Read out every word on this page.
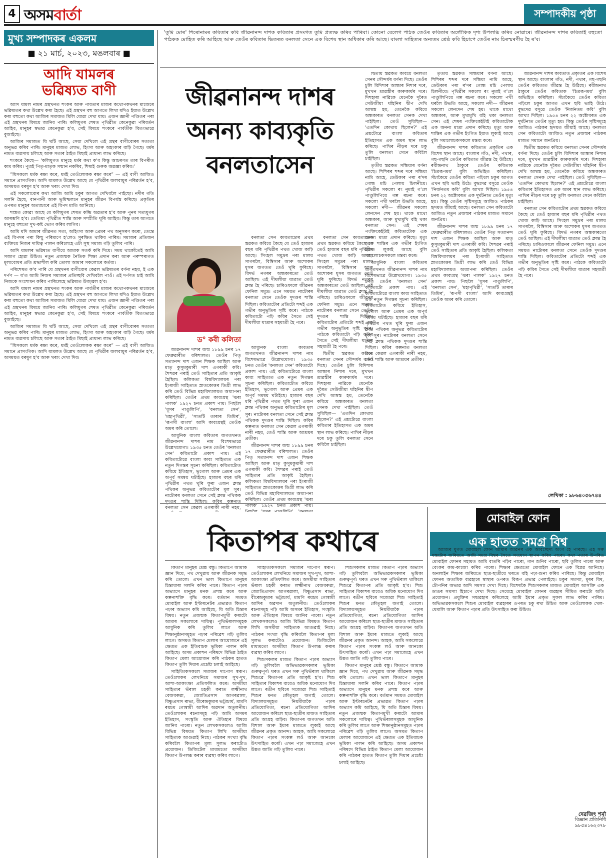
4 অসমবাৰ্তা	সম্পাদকীয় পৃষ্ঠা
মুখ্য সম্পাদকৰ একলম
■ ২১ মাৰ্চ, ২০২৩, মঙলবাৰ ■
আদি যামলৰ
ভৱিষ্যত বাণী

আদি যামল নামৰ গ্ৰন্থখনত শংকৰ আৰু পাৰ্বতীৰ মাজৰ কথোপকথনৰ মাজেৰে ভৱিষ্যতৰ কথা উল্লেখ কৰা হৈছে। এই গ্ৰন্থখন বহু আগতে লিখা যদিও ইয়াত উল্লেখ কৰা বহুতো কথা আজিৰ সমাজত মিলি যোৱা দেখা যায়। এজন জ্ঞানী পণ্ডিতৰ পৰা এই গ্ৰন্থখনৰ বিষয়ে জানিব পাৰি। কলিযুগৰ শেষত পৃথিৱীত কেনেকুৱা পৰিবৰ্তন আহিব, মানুহৰ স্বভাৱ কেনেকুৱা হ'ব, সেই বিষয়ে শংকৰে পাৰ্বতীক বিতংভাৱে বুজাইছে।

আজিৰ সমাজত যি ঘটি আছে, সেয়া দেখিলে এই গ্ৰন্থৰ বাণীবোৰৰ সত্যতা অনুভৱ কৰিব পাৰি। মানুহৰ মাজত লোভ, হিংসা আৰু অহংকাৰ বাঢ়ি গৈছে। ধৰ্মৰ নামত ব্যৱসায় চলিছে আৰু সত্যৰ ঠাইত মিছাই প্ৰাধান্য লাভ কৰিছে।

শংকৰে কৈছে— 'কলিযুগত মানুহে ধৰ্মৰ কথা ক'ব কিন্তু আচৰণত তাৰ বিপৰীত কাম কৰিব। পুত্ৰই পিতৃ-মাতৃক সন্মান নকৰিব, শিষ্যই গুৰুক অৱজ্ঞা কৰিব।'

“যিসকলে ধৰ্মক ৰক্ষা কৰে, ধৰ্মই তেওঁলোকক ৰক্ষা কৰে” — এই বাণী আজিও সমানে প্ৰাসংগিক। আদি যামলত উল্লেখ আছে যে পৃথিৱীৰ জলবায়ুৰ পৰিৱৰ্তন হ'ব, অসময়ত বৰষুণ হ'ব আৰু খৰাং দেখা দিব।

এই সকলোবোৰ কথা আজি আমি চকুৰ আগত দেখিবলৈ পাইছো। নদীৰ গতি সলনি হৈছে, বানপানী আৰু ভূমিস্খলনে মানুহৰ জীৱন বিপৰ্যস্ত কৰিছে। প্ৰকৃতিৰ ওপৰত মানুহৰ অত্যাচাৰে এই বিপদ মাতি আনিছে।

শাস্ত্ৰত কোৱা আছে যে কলিযুগৰ শেষত কল্কি অৱতাৰ হ'ব আৰু পুনৰ সত্যযুগৰ আৰম্ভণি হ'ব। তেতিয়া পৃথিৱীত শান্তি আৰু সম্প্ৰীতি ঘূৰি আহিব। কিন্তু তাৰ আগতে মানুহে বহুতো দুখ-কষ্ট ভোগ কৰিব লাগিব।

আমি যদি আমাৰ জীৱনত সত্য, অহিংসা আৰু প্ৰেমৰ পথ অনুসৰণ কৰো, তেন্তে এই বিপদৰ পৰা কিছু পৰিমাণে হ'লেও সুৰক্ষিত থাকিব পাৰিম। সমাজৰ প্ৰতিজন ব্যক্তিয়ে নিজৰ দায়িত্ব পালন কৰিলেহে এটা সুস্থ সমাজ গঢ়ি তুলিব পাৰি।

আদি যামলৰ ভৱিষ্যত বাণীয়ে আমাক সতৰ্ক কৰি দিয়ে। সময় থাকোঁতেই আমি সজাগ হোৱা উচিত। নতুন প্ৰজন্মক নৈতিক শিক্ষা প্ৰদান কৰা আৰু পৰম্পৰাগত মূল্যবোধৰ প্ৰতি শ্ৰদ্ধাশীল কৰি তোলা আমাৰ সকলোৰে কৰ্তব্য।

পৰিশেষত ক'ব পাৰি যে গ্ৰন্থখনৰ বাণীবোৰ কেৱল ভৱিষ্যতৰ বৰ্ণনা নহয়, ই এক দৰ্পণ — য'ত আমি নিজৰ সমাজৰ প্ৰতিচ্ছবি দেখিবলৈ পাওঁ। এই দৰ্পণত চাই আমি নিজকে সংশোধন কৰিব পাৰিলেহে ভৱিষ্যত উজ্জ্বল হ'ব।

আদি যামল নামৰ গ্ৰন্থখনত শংকৰ আৰু পাৰ্বতীৰ মাজৰ কথোপকথনৰ মাজেৰে ভৱিষ্যতৰ কথা উল্লেখ কৰা হৈছে। এই গ্ৰন্থখন বহু আগতে লিখা যদিও ইয়াত উল্লেখ কৰা বহুতো কথা আজিৰ সমাজত মিলি যোৱা দেখা যায়। এজন জ্ঞানী পণ্ডিতৰ পৰা এই গ্ৰন্থখনৰ বিষয়ে জানিব পাৰি। কলিযুগৰ শেষত পৃথিৱীত কেনেকুৱা পৰিবৰ্তন আহিব, মানুহৰ স্বভাৱ কেনেকুৱা হ'ব, সেই বিষয়ে শংকৰে পাৰ্বতীক বিতংভাৱে বুজাইছে।

আজিৰ সমাজত যি ঘটি আছে, সেয়া দেখিলে এই গ্ৰন্থৰ বাণীবোৰৰ সত্যতা অনুভৱ কৰিব পাৰি। মানুহৰ মাজত লোভ, হিংসা আৰু অহংকাৰ বাঢ়ি গৈছে। ধৰ্মৰ নামত ব্যৱসায় চলিছে আৰু সত্যৰ ঠাইত মিছাই প্ৰাধান্য লাভ কৰিছে।

“যিসকলে ধৰ্মক ৰক্ষা কৰে, ধৰ্মই তেওঁলোকক ৰক্ষা কৰে” — এই বাণী আজিও সমানে প্ৰাসংগিক। আদি যামলত উল্লেখ আছে যে পৃথিৱীৰ জলবায়ুৰ পৰিৱৰ্তন হ'ব, অসময়ত বৰষুণ হ'ব আৰু খৰাং দেখা দিব।

'তুমি মোৰ' শিৰোনামৰ কবিতাৰ কবি জীৱনানন্দ দাশক কবিতাৰ প্ৰসংগত তুমি প্ৰত্যক্ষ কৰিব পাৰিবা। কোনো বেলেগ পাঠক তেওঁৰ কবিতাৰ অলৌকিক দৃশ্য উপলব্ধি কৰিব নোৱাৰে। জীৱনানন্দ দাশৰ কবিতাই বহুতো পাঠকক মোহিত কৰি আহিছে আৰু তেওঁৰ কবিতাৰ ভিতৰত বনলতা সেনে এক বিশেষ স্থান অধিকাৰ কৰি আছে। বাংলা সাহিত্যৰ অন্যতম শ্ৰেষ্ঠ কবি হিচাপে তেওঁৰ নাম চিৰস্মৰণীয় হৈ ৰ'ব।
জীৱনানন্দ দাশৰ
অনন্য কাব্যকৃতি
বনলতাসেন
ড° কবী কলিতা

আধুনিক বাংলা কবিতাৰ জগতখনত জীৱনানন্দ দাশৰ নাম বিশেষভাৱে উল্লেখযোগ্য। ১৯৩৫ চনত তেওঁৰ 'বনলতা সেন' কবিতাটো প্ৰকাশ পায়। এই কবিতাটোৱে বাংলা কাব্য সাহিত্যত এক নতুন দিগন্তৰ সূচনা কৰিছিল। কবিতাটোত কবিয়ে ইতিহাস, ভূগোল আৰু প্ৰেমৰ এক অপূৰ্ব সমন্বয় ঘটাইছে। হাজাৰ বছৰ ধৰি পৃথিৱীৰ পথত ঘূৰি ফুৰা এজন ক্লান্ত পথিকৰ অনুভৱ কবিতাটোৰ মূল সুৰ। নাটোৰৰ বনলতা সেনে সেই ক্লান্ত পথিকক দুদণ্ডৰ শান্তি দিছিল। কবিৰ কল্পনাত বনলতা সেন কেৱল এগৰাকী নাৰী নহয়, তেওঁ শান্তি আৰু আশ্ৰয়ৰ প্ৰতীক।

জীৱনানন্দ দাশৰ জন্ম ১৮৯৯ চনৰ ১৭ ফেব্ৰুৱাৰীত বৰিশালত। তেওঁৰ পিতৃ সত্যানন্দ দাশ এজন শিক্ষক আছিল আৰু মাতৃ কুসুমকুমাৰী দাশ এগৰাকী কবি। শৈশৱৰ পৰাই তেওঁ সাহিত্যৰ প্ৰতি আকৃষ্ট হৈছিল। কলিকতা বিশ্ববিদ্যালয়ৰ পৰা ইংৰাজী সাহিত্যত স্নাতকোত্তৰ ডিগ্ৰী লাভ কৰি তেওঁ বিভিন্ন মহাবিদ্যালয়ত অধ্যাপনা কৰিছিল। তেওঁৰ প্ৰথম কাব্যগ্ৰন্থ 'ঝৰা পালক' ১৯২৭ চনত প্ৰকাশ পায়।

জীৱনানন্দ দাশৰ জন্ম ১৮৯৯ চনৰ ১৭ ফেব্ৰুৱাৰীত বৰিশালত। তেওঁৰ পিতৃ সত্যানন্দ দাশ এজন শিক্ষক আছিল আৰু মাতৃ কুসুমকুমাৰী দাশ এগৰাকী কবি। শৈশৱৰ পৰাই তেওঁ সাহিত্যৰ প্ৰতি আকৃষ্ট হৈছিল। কলিকতা বিশ্ববিদ্যালয়ৰ পৰা ইংৰাজী সাহিত্যত স্নাতকোত্তৰ ডিগ্ৰী লাভ কৰি তেওঁ বিভিন্ন মহাবিদ্যালয়ত অধ্যাপনা কৰিছিল। তেওঁৰ প্ৰথম কাব্যগ্ৰন্থ 'ঝৰা পালক' ১৯২৭ চনত প্ৰকাশ পায়। পিছলৈ 'ধূসৰ পাণ্ডুলিপি', 'বনলতা সেন', 'মহাপৃথিৱী', 'সাতটি তাৰাৰ তিমিৰ', 'ৰূপসী বাংলা' আদি কাব্যগ্ৰন্থই তেওঁক অমৰ কৰি তোলে।

আধুনিক বাংলা কবিতাৰ জগতখনত জীৱনানন্দ দাশৰ নাম বিশেষভাৱে উল্লেখযোগ্য। ১৯৩৫ চনত তেওঁৰ 'বনলতা সেন' কবিতাটো প্ৰকাশ পায়। এই কবিতাটোৱে বাংলা কাব্য সাহিত্যত এক নতুন দিগন্তৰ সূচনা কৰিছিল। কবিতাটোত কবিয়ে ইতিহাস, ভূগোল আৰু প্ৰেমৰ এক অপূৰ্ব সমন্বয় ঘটাইছে। হাজাৰ বছৰ ধৰি পৃথিৱীৰ পথত ঘূৰি ফুৰা এজন ক্লান্ত পথিকৰ অনুভৱ কবিতাটোৰ মূল সুৰ। নাটোৰৰ বনলতা সেনে সেই ক্লান্ত পথিকক বনলতা সেন কেৱল এগৰাকী নাৰী নহয়,

বনলতা সেন কবিতাটোৰ প্ৰথম স্তৱকত কবিয়ে কৈছে যে তেওঁ হাজাৰ বছৰ ধৰি পৃথিৱীৰ পথত খোজ কাঢ়ি আছে। সিংহল সমুদ্ৰৰ পৰা মালয় সাগৰলৈ, বিম্বিসাৰ আৰু অশোকৰ ধূসৰ জগতত তেওঁ ঘূৰি ফুৰিছে। বিদৰ্ভ নগৰৰ অন্ধকাৰতো তেওঁ আছিল। এই দীঘলীয়া যাত্ৰাত তেওঁ ক্লান্ত হৈ পৰিছে। চাৰিওফালে জীৱনৰ ফেনিল সমুদ্ৰ। এনে সময়ত নাটোৰৰ বনলতা সেনে তেওঁক দুদণ্ডৰ শান্তি দিছিল। কবিতাটোৰ প্ৰতিটো শব্দই এক গভীৰ অনুভূতিৰ সৃষ্টি কৰে। পাঠকে কবিতাটো পঢ়ি কবিৰ সৈতে সেই দীঘলীয়া যাত্ৰাৰ সহযাত্ৰী হৈ পৰে।

বনলতা সেন কবিতাটোৰ প্ৰথম স্তৱকত কবিয়ে কৈছে যে তেওঁ হাজাৰ বছৰ ধৰি পৃথিৱীৰ পথত খোজ কাঢ়ি আছে। সিংহল সমুদ্ৰৰ পৰা মালয় সাগৰলৈ, বিম্বিসাৰ আৰু অশোকৰ ধূসৰ জগতত তেওঁ ঘূৰি ফুৰিছে। বিদৰ্ভ নগৰৰ অন্ধকাৰতো তেওঁ আছিল। এই দীঘলীয়া যাত্ৰাত তেওঁ ক্লান্ত হৈ পৰিছে। চাৰিওফালে জীৱনৰ ফেনিল সমুদ্ৰ। এনে সময়ত নাটোৰৰ বনলতা সেনে তেওঁক দুদণ্ডৰ শান্তি দিছিল। কবিতাটোৰ প্ৰতিটো শব্দই এক গভীৰ অনুভূতিৰ সৃষ্টি কৰে। পাঠকে কবিতাটো পঢ়ি কবিৰ সৈতে সেই দীঘলীয়া যাত্ৰাৰ সহযাত্ৰী হৈ পৰে।

দ্বিতীয় স্তৱকত কবিয়ে বনলতা সেনৰ সৌন্দৰ্যৰ বৰ্ণনা দিছে। তেওঁৰ চুলি বিদিশাৰ আন্ধাৰ নিশাৰ দৰে, মুখখন শ্ৰাৱস্তীৰ কাৰুকাৰ্যৰ দৰে। দিশহাৰা নাৱিকে যেনেকৈ দূৰৈত সেউজীয়া ঘাঁহনিৰ দ্বীপ দেখি আশ্বস্ত হয়, তেনেকৈ কবিয়ে অন্ধকাৰত বনলতা সেনক দেখা পাইছিল। তেওঁ সুধিছিল— 'এতদিন কোথায় ছিলেন?' এই প্ৰশ্নটোৱে বাংলা কবিতাৰ ইতিহাসত এক অমৰ স্থান লাভ কৰিছে। পাখিৰ নীড়ৰ দৰে চকু তুলি বনলতা সেনে কবিলৈ চাইছিল।

দ্বিতীয় স্তৱকত কবিয়ে বনলতা সেনৰ সৌন্দৰ্যৰ বৰ্ণনা দিছে। তেওঁৰ চুলি বিদিশাৰ আন্ধাৰ নিশাৰ দৰে, মুখখন শ্ৰাৱস্তীৰ কাৰুকাৰ্যৰ দৰে। দিশহাৰা নাৱিকে যেনেকৈ দূৰৈত সেউজীয়া ঘাঁহনিৰ দ্বীপ দেখি আশ্বস্ত হয়, তেনেকৈ কবিয়ে অন্ধকাৰত বনলতা সেনক দেখা পাইছিল। তেওঁ সুধিছিল— 'এতদিন কোথায় ছিলেন?' এই প্ৰশ্নটোৱে বাংলা কবিতাৰ ইতিহাসত এক অমৰ স্থান লাভ কৰিছে। পাখিৰ নীড়ৰ দৰে চকু তুলি বনলতা সেনে কবিলৈ চাইছিল।

তৃতীয় স্তৱকত সন্ধিয়াৰ বৰ্ণনা আছে। শিশিৰৰ শব্দৰ দৰে সন্ধিয়া নামি আহে, ডেউকাৰ পৰা ৰ'দৰ গোন্ধ মচি পেলায় চিলনীয়ে। পৃথিৱীৰ সকলো ৰং নুমাই গ'লে পাণ্ডুলিপিয়ে গল্প ৰচনা কৰে। সকলো পখী ঘৰলৈ উভতি আহে, সকলো নদী— জীৱনৰ সকলো লেনদেন শেষ হয়। থাকে মাথো অন্ধকাৰ, আৰু মুখামুখি বহি থকা বনলতা সেন। এই শেষৰ পংক্তিকেইটাই কবিতাটোক এক অনন্য মাত্ৰা প্ৰদান কৰিছে। মৃত্যু আৰু শান্তিৰ এক গভীৰ ইংগিত ইয়াত লুকাই আছে বুলি সমালোচকসকলে মন্তব্য কৰে।

আধুনিক বাংলা কবিতাৰ জগতখনত জীৱনানন্দ দাশৰ নাম বিশেষভাৱে উল্লেখযোগ্য। ১৯৩৫ চনত তেওঁৰ 'বনলতা সেন' কবিতাটো প্ৰকাশ পায়। এই কবিতাটোৱে বাংলা কাব্য সাহিত্যত এক নতুন দিগন্তৰ সূচনা কৰিছিল। কবিতাটোত কবিয়ে ইতিহাস, ভূগোল আৰু প্ৰেমৰ এক অপূৰ্ব সমন্বয় ঘটাইছে। হাজাৰ বছৰ ধৰি পৃথিৱীৰ পথত ঘূৰি ফুৰা এজন ক্লান্ত পথিকৰ অনুভৱ কবিতাটোৰ মূল সুৰ। নাটোৰৰ বনলতা সেনে সেই ক্লান্ত পথিকক দুদণ্ডৰ শান্তি দিছিল। কবিৰ কল্পনাত বনলতা সেন কেৱল এগৰাকী নাৰী নহয়, তেওঁ শান্তি আৰু আশ্ৰয়ৰ প্ৰতীক।

তৃতীয় স্তৱকত সন্ধিয়াৰ বৰ্ণনা আছে। শিশিৰৰ শব্দৰ দৰে সন্ধিয়া নামি আহে, ডেউকাৰ পৰা ৰ'দৰ গোন্ধ মচি পেলায় চিলনীয়ে। পৃথিৱীৰ সকলো ৰং নুমাই গ'লে পাণ্ডুলিপিয়ে গল্প ৰচনা কৰে। সকলো পখী ঘৰলৈ উভতি আহে, সকলো নদী— জীৱনৰ সকলো লেনদেন শেষ হয়। থাকে মাথো অন্ধকাৰ, আৰু মুখামুখি বহি থকা বনলতা সেন। এই শেষৰ পংক্তিকেইটাই কবিতাটোক এক অনন্য মাত্ৰা প্ৰদান কৰিছে। মৃত্যু আৰু শান্তিৰ এক গভীৰ ইংগিত ইয়াত লুকাই আছে বুলি সমালোচকসকলে মন্তব্য কৰে।

জীৱনানন্দ দাশৰ কবিতাত প্ৰকৃতিৰ এক বিশেষ স্থান আছে। বাংলাৰ গাঁও, নদী, পথাৰ, গছ-গছনি তেওঁৰ কবিতাত জীৱন্ত হৈ উঠিছে। ৰবীন্দ্ৰনাথ ঠাকুৰে তেওঁৰ কবিতাক 'চিত্ৰৰূপময়' বুলি অভিহিত কৰিছিল। সঁচাকৈয়ে তেওঁৰ কবিতা পঢ়িলে চকুৰ আগত এখন ছবি ভাহি উঠে। বুদ্ধদেৱ বসুৱে তেওঁক 'নিৰ্জনতম কবি' বুলি আখ্যা দিছিল। ১৯৫৪ চনৰ ২২ অক্টোবৰত এক দুৰ্ঘটনাত তেওঁৰ মৃত্যু হয়। কিন্তু তেওঁৰ সৃষ্টিসমূহে আজিও পাঠকৰ হৃদয়ত জীয়াই আছে। বনলতা সেন কবিতাটো আজিও নতুন প্ৰজন্মৰ পাঠকৰ মাজত সমানে জনপ্ৰিয়।

জীৱনানন্দ দাশৰ জন্ম ১৮৯৯ চনৰ ১৭ ফেব্ৰুৱাৰীত বৰিশালত। তেওঁৰ পিতৃ সত্যানন্দ দাশ এজন শিক্ষক আছিল আৰু মাতৃ কুসুমকুমাৰী দাশ এগৰাকী কবি। শৈশৱৰ পৰাই তেওঁ সাহিত্যৰ প্ৰতি আকৃষ্ট হৈছিল। কলিকতা বিশ্ববিদ্যালয়ৰ পৰা ইংৰাজী সাহিত্যত স্নাতকোত্তৰ ডিগ্ৰী লাভ কৰি তেওঁ বিভিন্ন মহাবিদ্যালয়ত অধ্যাপনা কৰিছিল। তেওঁৰ প্ৰথম কাব্যগ্ৰন্থ 'ঝৰা পালক' ১৯২৭ চনত প্ৰকাশ পায়। পিছলৈ 'ধূসৰ পাণ্ডুলিপি', 'বনলতা সেন', 'মহাপৃথিৱী', 'সাতটি তাৰাৰ তিমিৰ', 'ৰূপসী বাংলা' আদি কাব্যগ্ৰন্থই তেওঁক অমৰ কৰি তোলে।

জীৱনানন্দ দাশৰ কবিতাত প্ৰকৃতিৰ এক বিশেষ স্থান আছে। বাংলাৰ গাঁও, নদী, পথাৰ, গছ-গছনি তেওঁৰ কবিতাত জীৱন্ত হৈ উঠিছে। ৰবীন্দ্ৰনাথ ঠাকুৰে তেওঁৰ কবিতাক 'চিত্ৰৰূপময়' বুলি অভিহিত কৰিছিল। সঁচাকৈয়ে তেওঁৰ কবিতা পঢ়িলে চকুৰ আগত এখন ছবি ভাহি উঠে। বুদ্ধদেৱ বসুৱে তেওঁক 'নিৰ্জনতম কবি' বুলি আখ্যা দিছিল। ১৯৫৪ চনৰ ২২ অক্টোবৰত এক দুৰ্ঘটনাত তেওঁৰ মৃত্যু হয়। কিন্তু তেওঁৰ সৃষ্টিসমূহে আজিও পাঠকৰ হৃদয়ত জীয়াই আছে। বনলতা সেন কবিতাটো আজিও নতুন প্ৰজন্মৰ পাঠকৰ মাজত সমানে জনপ্ৰিয়।

দ্বিতীয় স্তৱকত কবিয়ে বনলতা সেনৰ সৌন্দৰ্যৰ বৰ্ণনা দিছে। তেওঁৰ চুলি বিদিশাৰ আন্ধাৰ নিশাৰ দৰে, মুখখন শ্ৰাৱস্তীৰ কাৰুকাৰ্যৰ দৰে। দিশহাৰা নাৱিকে যেনেকৈ দূৰৈত সেউজীয়া ঘাঁহনিৰ দ্বীপ দেখি আশ্বস্ত হয়, তেনেকৈ কবিয়ে অন্ধকাৰত বনলতা সেনক দেখা পাইছিল। তেওঁ সুধিছিল— 'এতদিন কোথায় ছিলেন?' এই প্ৰশ্নটোৱে বাংলা কবিতাৰ ইতিহাসত এক অমৰ স্থান লাভ কৰিছে। পাখিৰ নীড়ৰ দৰে চকু তুলি বনলতা সেনে কবিলৈ চাইছিল।

বনলতা সেন কবিতাটোৰ প্ৰথম স্তৱকত কবিয়ে কৈছে যে তেওঁ হাজাৰ বছৰ ধৰি পৃথিৱীৰ পথত খোজ কাঢ়ি আছে। সিংহল সমুদ্ৰৰ পৰা মালয় সাগৰলৈ, বিম্বিসাৰ আৰু অশোকৰ ধূসৰ জগতত তেওঁ ঘূৰি ফুৰিছে। বিদৰ্ভ নগৰৰ অন্ধকাৰতো তেওঁ আছিল। এই দীঘলীয়া যাত্ৰাত তেওঁ ক্লান্ত হৈ পৰিছে। চাৰিওফালে জীৱনৰ ফেনিল সমুদ্ৰ। এনে সময়ত নাটোৰৰ বনলতা সেনে তেওঁক দুদণ্ডৰ শান্তি দিছিল। কবিতাটোৰ প্ৰতিটো শব্দই এক গভীৰ অনুভূতিৰ সৃষ্টি কৰে। পাঠকে কবিতাটো পঢ়ি কবিৰ সৈতে সেই দীঘলীয়া যাত্ৰাৰ সহযাত্ৰী হৈ পৰে।

লেখিকা : ৯৮৬৪০৫৬৭৪৪
কিতাপৰ কথাৰে

কিতাপ মানুহৰ শ্ৰেষ্ঠ বন্ধু। কিতাপে আমাক জ্ঞান দিয়ে, পথ দেখুৱায় আৰু জীৱনক সমৃদ্ধ কৰি তোলে। এখন ভাল কিতাপে মানুহৰ চিন্তাধাৰা সলনি কৰিব পাৰে। কিতাপ পঢ়াৰ অভ্যাসে মানুহৰ মনক প্ৰশস্ত কৰে আৰু কল্পনাশক্তি বৃদ্ধি কৰে। বৰ্তমান সময়ত মোবাইল আৰু ইণ্টাৰনেটৰ প্ৰভাৱত কিতাপ পঢ়াৰ অভ্যাস কমি আহিছে, যি অতি চিন্তাৰ বিষয়। নতুন প্ৰজন্মক কিতাপমুখী কৰাটো আমাৰ সকলোৰে দায়িত্ব। পুথিভঁৰালসমূহক আধুনিক কৰি তুলিব লাগে আৰু শিক্ষানুষ্ঠানসমূহত পঢ়াৰ পৰিৱেশ গঢ়ি তুলিব লাগে। অসমত কিতাপ মেলাৰ আয়োজনে এই ক্ষেত্ৰত এক ইতিবাচক ভূমিকা পালন কৰি আহিছে। অসম প্ৰকাশন পৰিষদে বিভিন্ন ঠাইত কিতাপ মেলা আয়োজন কৰি পাঠকৰ হাতত কিতাপ তুলি দিয়াৰ প্ৰচেষ্টা চলাই আহিছে।

সাহিত্যিকসকলে সমাজৰ দাপোণ স্বৰূপ। তেওঁলোকৰ লেখনিয়ে সমাজৰ সুখ-দুখ, আশা-আকাংক্ষা প্ৰতিফলিত কৰে। অসমীয়া সাহিত্যৰ ভঁৰাল চহকী কৰাত লক্ষ্মীনাথ বেজবৰুৱা, জ্যোতিপ্ৰসাদ আগৰৱালা, বিষ্ণুপ্ৰসাদ ৰাভা, বীৰেন্দ্ৰকুমাৰ ভট্টাচাৰ্য, মামণি ৰয়চম গোস্বামী আদিৰ অৱদান অতুলনীয়। তেওঁলোকৰ ৰচনাসমূহ পঢ়ি আমি অসমৰ ইতিহাস, সংস্কৃতি আৰু ঐতিহ্যৰ বিষয়ে জানিব পাৰো। নতুন লেখকসকলেও আজি বিভিন্ন বিষয়ত কিতাপ লিখি অসমীয়া সাহিত্যক আগুৱাই নিছে। পাঠকৰ সংখ্যা বৃদ্ধি কৰিবলৈ কিতাপৰ মূল্য সুলভ কৰাটোও প্ৰয়োজন। ডিজিটেল মাধ্যমতো অসমীয়া কিতাপ উপলব্ধ কৰাৰ ব্যৱস্থা কৰিব লাগে।

সাহিত্যিকসকলে সমাজৰ দাপোণ স্বৰূপ। তেওঁলোকৰ লেখনিয়ে সমাজৰ সুখ-দুখ, আশা-আকাংক্ষা প্ৰতিফলিত কৰে। অসমীয়া সাহিত্যৰ ভঁৰাল চহকী কৰাত লক্ষ্মীনাথ বেজবৰুৱা, জ্যোতিপ্ৰসাদ আগৰৱালা, বিষ্ণুপ্ৰসাদ ৰাভা, বীৰেন্দ্ৰকুমাৰ ভট্টাচাৰ্য, মামণি ৰয়চম গোস্বামী আদিৰ অৱদান অতুলনীয়। তেওঁলোকৰ ৰচনাসমূহ পঢ়ি আমি অসমৰ ইতিহাস, সংস্কৃতি আৰু ঐতিহ্যৰ বিষয়ে জানিব পাৰো। নতুন লেখকসকলেও আজি বিভিন্ন বিষয়ত কিতাপ লিখি অসমীয়া সাহিত্যক আগুৱাই নিছে। পাঠকৰ সংখ্যা বৃদ্ধি কৰিবলৈ কিতাপৰ মূল্য সুলভ কৰাটোও প্ৰয়োজন। ডিজিটেল মাধ্যমতো অসমীয়া কিতাপ উপলব্ধ কৰাৰ ব্যৱস্থা কৰিব লাগে।

শিশুসকলৰ মাজত কিতাপ পঢ়াৰ অভ্যাস গঢ়ি তুলিবলৈ অভিভাৱকসকলৰ ভূমিকা গুৰুত্বপূৰ্ণ। ঘৰত এখন সৰু পুথিভঁৰাল থাকিলে শিশুৱে কিতাপৰ প্ৰতি আকৃষ্ট হ'ব। শিশু সাহিত্যৰ বিকাশৰ বাবেও অধিক মনোযোগ দিব লাগে। ৰঙীন ছবিৰে সজোৱা শিশু সাহিত্যই শিশুৰ মনত কৌতূহল জগাই তোলে। বিদ্যালয়সমূহত নিয়মীয়াকৈ পঢ়াৰ প্ৰতিযোগিতা, ৰচনা প্ৰতিযোগিতা আদিৰ আয়োজন কৰিলে ছাত্ৰ-ছাত্ৰীৰ মাজত সাহিত্যৰ প্ৰতি আগ্ৰহ বাঢ়িব। কিতাপৰ জগতখন অতি বিশাল আৰু ইয়াৰ মাজতে লুকাই আছে জীৱনৰ প্ৰকৃত আনন্দ। আহক, আমি সকলোৱে কিতাপ পঢ়াৰ সংকল্প লওঁ আৰু আনকো উৎসাহিত কৰোঁ। এখন পঢ়া সমাজেহে এখন উন্নত জাতি গঢ়ি তুলিব পাৰে।

শিশুসকলৰ মাজত কিতাপ পঢ়াৰ অভ্যাস গঢ়ি তুলিবলৈ অভিভাৱকসকলৰ ভূমিকা গুৰুত্বপূৰ্ণ। ঘৰত এখন সৰু পুথিভঁৰাল থাকিলে শিশুৱে কিতাপৰ প্ৰতি আকৃষ্ট হ'ব। শিশু সাহিত্যৰ বিকাশৰ বাবেও অধিক মনোযোগ দিব লাগে। ৰঙীন ছবিৰে সজোৱা শিশু সাহিত্যই শিশুৰ মনত কৌতূহল জগাই তোলে। বিদ্যালয়সমূহত নিয়মীয়াকৈ পঢ়াৰ প্ৰতিযোগিতা, ৰচনা প্ৰতিযোগিতা আদিৰ আয়োজন কৰিলে ছাত্ৰ-ছাত্ৰীৰ মাজত সাহিত্যৰ প্ৰতি আগ্ৰহ বাঢ়িব। কিতাপৰ জগতখন অতি বিশাল আৰু ইয়াৰ মাজতে লুকাই আছে জীৱনৰ প্ৰকৃত আনন্দ। আহক, আমি সকলোৱে কিতাপ পঢ়াৰ সংকল্প লওঁ আৰু আনকো উৎসাহিত কৰোঁ। এখন পঢ়া সমাজেহে এখন উন্নত জাতি গঢ়ি তুলিব পাৰে।

কিতাপ মানুহৰ শ্ৰেষ্ঠ বন্ধু। কিতাপে আমাক জ্ঞান দিয়ে, পথ দেখুৱায় আৰু জীৱনক সমৃদ্ধ কৰি তোলে। এখন ভাল কিতাপে মানুহৰ চিন্তাধাৰা সলনি কৰিব পাৰে। কিতাপ পঢ়াৰ অভ্যাসে মানুহৰ মনক প্ৰশস্ত কৰে আৰু কল্পনাশক্তি বৃদ্ধি কৰে। বৰ্তমান সময়ত মোবাইল আৰু ইণ্টাৰনেটৰ প্ৰভাৱত কিতাপ পঢ়াৰ অভ্যাস কমি আহিছে, যি অতি চিন্তাৰ বিষয়। নতুন প্ৰজন্মক কিতাপমুখী কৰাটো আমাৰ সকলোৰে দায়িত্ব। পুথিভঁৰালসমূহক আধুনিক কৰি তুলিব লাগে আৰু শিক্ষানুষ্ঠানসমূহত পঢ়াৰ পৰিৱেশ গঢ়ি তুলিব লাগে। অসমত কিতাপ মেলাৰ আয়োজনে এই ক্ষেত্ৰত এক ইতিবাচক ভূমিকা পালন কৰি আহিছে। অসম প্ৰকাশন পৰিষদে বিভিন্ন ঠাইত কিতাপ মেলা আয়োজন কৰি পাঠকৰ হাতত কিতাপ তুলি দিয়াৰ প্ৰচেষ্টা চলাই আহিছে।

মোবাইল ফোন
এক হাতত সমগ্ৰ বিশ্ব

আজিৰ যুগত মোবাইল ফোন আমাৰ জীৱনৰ এক অবিচ্ছেদ্য অংগ হৈ পৰিছে। এই সৰু যন্ত্ৰটোৰ জৰিয়তে আমি সমগ্ৰ বিশ্বৰ সৈতে সংযোগ স্থাপন কৰিব পাৰো। কথা পতাৰ উপৰিও মোবাইল ফোনৰ সহায়ত আমি বাতৰি পঢ়িব পাৰো, গান শুনিব পাৰো, ছবি তুলিব পাৰো আৰু বেংকৰ কাম-কাজো কৰিব পাৰো। শিক্ষাৰ ক্ষেত্ৰতো মোবাইল ফোনে এক বিপ্লৱ আনিছে। অনলাইন শিক্ষাৰ জৰিয়তে ছাত্ৰ-ছাত্ৰীয়ে ঘৰতে বহি পঢ়া-শুনা কৰিব পাৰিছে। কিন্তু মোবাইল ফোনৰ অত্যধিক ব্যৱহাৰে স্বাস্থ্যৰ ওপৰত বিৰূপ প্ৰভাৱ পেলাইছে। চকুৰ সমস্যা, মূৰৰ বিষ, টোপনিৰ অভাৱ আদি সমস্যা দেখা দিছে। বিশেষকৈ শিশুসকলৰ মাজত মোবাইল আসক্তি এক ডাঙৰ সমস্যা হিচাপে দেখা দিছে। সেয়েহে মোবাইল ফোনৰ ব্যৱহাৰ সীমিত কৰাটো অতি প্ৰয়োজন। প্ৰযুক্তিৰ সদ্ব্যৱহাৰ কৰিলেহে আমি ইয়াৰ প্ৰকৃত সুফল লাভ কৰিব পাৰিম। অভিভাৱকসকলে শিশুৰ মোবাইল ব্যৱহাৰৰ ওপৰত চকু ৰখা উচিত আৰু তেওঁলোকক খেল-ধেমালি আৰু কিতাপ পঢ়াৰ প্ৰতি উৎসাহিত কৰা উচিত।

দেৱজিৎ শৰ্মা
বিজ্ঞান প্ৰতিনিধি
৯৮৫৪১৬২৩৭৮
